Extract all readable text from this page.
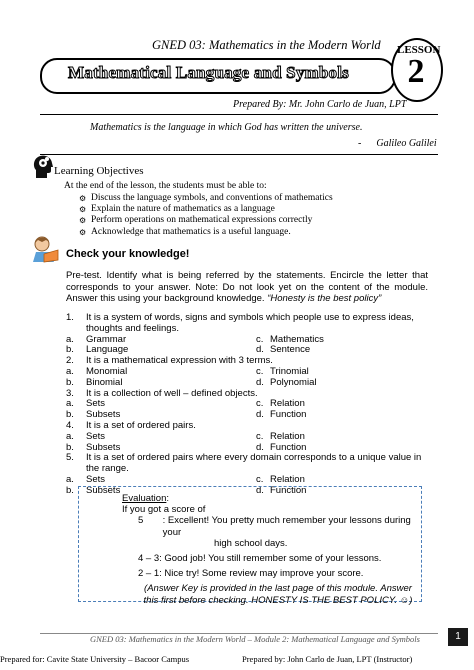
GNED 03: Mathematics in the Modern World
Mathematical Language and Symbols
LESSON
2
Prepared By: Mr. John Carlo de Juan, LPT
Mathematics is the language in which God has written the universe.
- Galileo Galilei
Learning Objectives
At the end of the lesson, the students must be able to:
⚙ Discuss the language symbols, and conventions of mathematics
⚙ Explain the nature of mathematics as a language
⚙ Perform operations on mathematical expressions correctly
⚙ Acknowledge that mathematics is a useful language.
Check your knowledge!
Pre-test. Identify what is being referred by the statements. Encircle the letter that corresponds to your answer. Note: Do not look yet on the content of the module. Answer this using your background knowledge. “Honesty is the best policy”
1.	It is a system of words, signs and symbols which people use to express ideas, thoughts and feelings.
a.	Grammar	c. Mathematics
b.	Language	d. Sentence
2.	It is a mathematical expression with 3 terms.
a.	Monomial	c. Trinomial
b.	Binomial	d. Polynomial
3.	It is a collection of well – defined objects.
a.	Sets	c. Relation
b.	Subsets	d. Function
4.	It is a set of ordered pairs.
a.	Sets	c. Relation
b.	Subsets	d. Function
5.	It is a set of ordered pairs where every domain corresponds to a unique value in the range.
a.	Sets	c. Relation
b.	Subsets	d. Function
Evaluation:
If you got a score of
5	: Excellent! You pretty much remember your lessons during your
high school days.
4 – 3: Good job! You still remember some of your lessons.
2 – 1: Nice try! Some review may improve your score.
(Answer Key is provided in the last page of this module. Answer this first before checking. HONESTY IS THE BEST POLICY. ☺)
GNED 03: Mathematics in the Modern World – Module 2: Mathematical Language and Symbols	1
Prepared for: Cavite State University – Bacoor Campus	Prepared by: John Carlo de Juan, LPT (Instructor)
